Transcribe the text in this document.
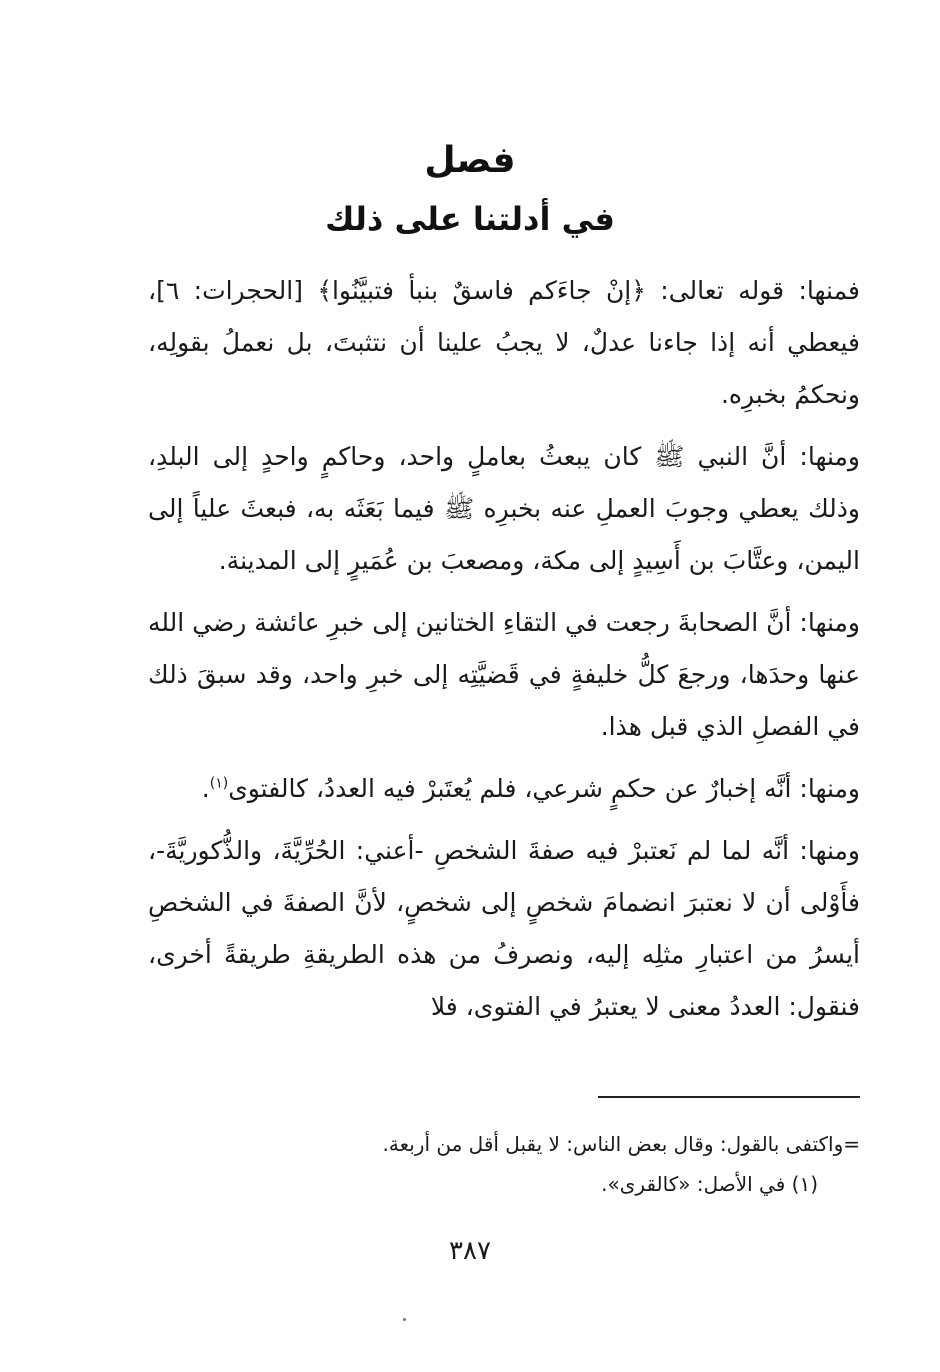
فصل
في أدلتنا على ذلك

فمنها: قوله تعالى: ﴿إنْ جاءَكم فاسقٌ بنبأ فتبيَّنُوا﴾ [الحجرات: ٦]، فيعطي أنه إذا جاءنا عدلٌ، لا يجبُ علينا أن نتثبتَ، بل نعملُ بقولِه، ونحكمُ بخبرِه.

ومنها: أنَّ النبي ﷺ كان يبعثُ بعاملٍ واحد، وحاكمٍ واحدٍ إلى البلدِ، وذلك يعطي وجوبَ العملِ عنه بخبرِه ﷺ فيما بَعَثَه به، فبعثَ علياً إلى اليمن، وعتَّابَ بن أَسِيدٍ إلى مكة، ومصعبَ بن عُمَيرٍ إلى المدينة.

ومنها: أنَّ الصحابةَ رجعت في التقاءِ الختانين إلى خبرِ عائشة رضي الله عنها وحدَها، ورجعَ كلُّ خليفةٍ في قَضيَّتِه إلى خبرِ واحد، وقد سبقَ ذلك في الفصلِ الذي قبل هذا.

ومنها: أنَّه إخبارٌ عن حكمٍ شرعي، فلم يُعتَبرْ فيه العددُ، كالفتوى$^{(١)}$.

ومنها: أنَّه لما لم نَعتبرْ فيه صفةَ الشخصِ -أعني: الحُرِّيَّةَ، والذُّكوريَّةَ-، فأَوْلى أن لا نعتبرَ انضمامَ شخصٍ إلى شخصٍ، لأنَّ الصفةَ في الشخصِ أيسرُ من اعتبارِ مثلِه إليه، ونصرفُ من هذه الطريقةِ طريقةً أخرى، فنقول: العددُ معنى لا يعتبرُ في الفتوى، فلا

=واكتفى بالقول: وقال بعض الناس: لا يقبل أقل من أربعة.

(١) في الأصل: «كالقرى».

٣٨٧
